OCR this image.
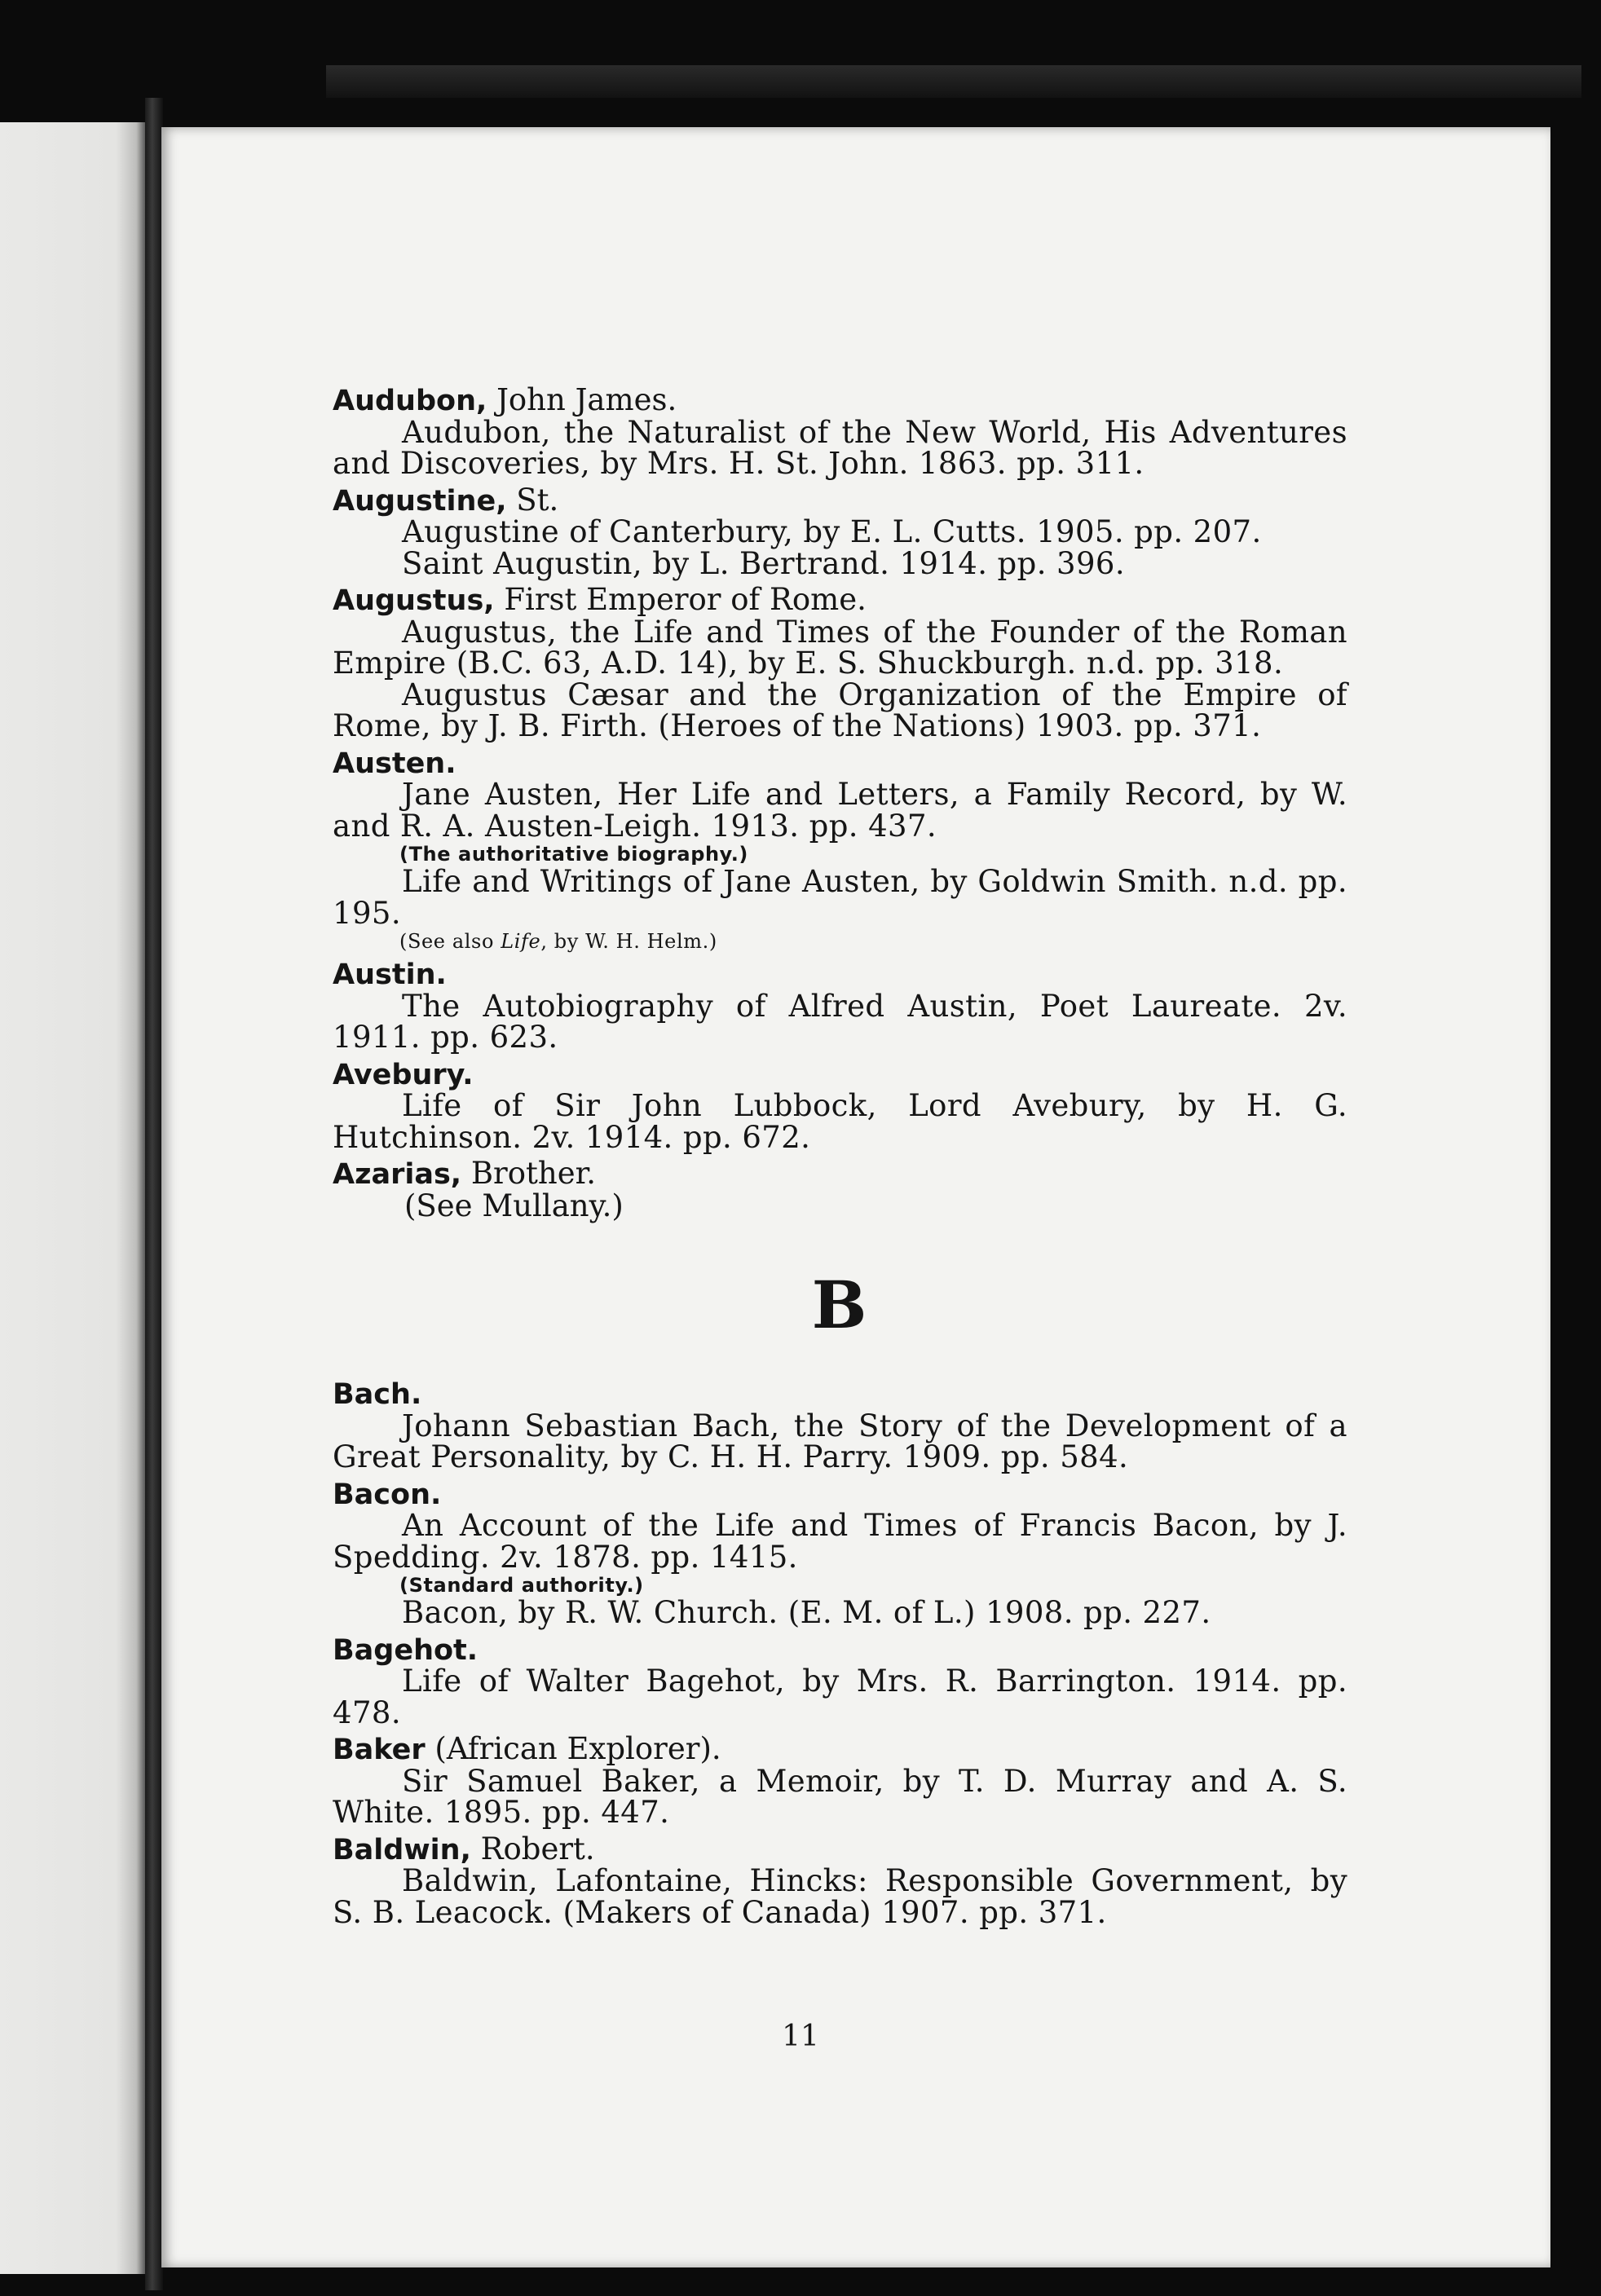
Audubon, John James.
Audubon, the Naturalist of the New World, His Adventures and Discoveries, by Mrs. H. St. John. 1863. pp. 311.
Augustine, St.
Augustine of Canterbury, by E. L. Cutts. 1905. pp. 207.
Saint Augustin, by L. Bertrand. 1914. pp. 396.
Augustus, First Emperor of Rome.
Augustus, the Life and Times of the Founder of the Roman Empire (B.C. 63, A.D. 14), by E. S. Shuckburgh. n.d. pp. 318.
Augustus Cæsar and the Organization of the Empire of Rome, by J. B. Firth. (Heroes of the Nations) 1903. pp. 371.
Austen.
Jane Austen, Her Life and Letters, a Family Record, by W. and R. A. Austen-Leigh. 1913. pp. 437.
(The authoritative biography.)
Life and Writings of Jane Austen, by Goldwin Smith. n.d. pp. 195.
(See also Life, by W. H. Helm.)
Austin.
The Autobiography of Alfred Austin, Poet Laureate. 2v. 1911. pp. 623.
Avebury.
Life of Sir John Lubbock, Lord Avebury, by H. G. Hutchinson. 2v. 1914. pp. 672.
Azarias, Brother.
(See Mullany.)
B
Bach.
Johann Sebastian Bach, the Story of the Development of a Great Personality, by C. H. H. Parry. 1909. pp. 584.
Bacon.
An Account of the Life and Times of Francis Bacon, by J. Spedding. 2v. 1878. pp. 1415.
(Standard authority.)
Bacon, by R. W. Church. (E. M. of L.) 1908. pp. 227.
Bagehot.
Life of Walter Bagehot, by Mrs. R. Barrington. 1914. pp. 478.
Baker (African Explorer).
Sir Samuel Baker, a Memoir, by T. D. Murray and A. S. White. 1895. pp. 447.
Baldwin, Robert.
Baldwin, Lafontaine, Hincks: Responsible Government, by S. B. Leacock. (Makers of Canada) 1907. pp. 371.
11
